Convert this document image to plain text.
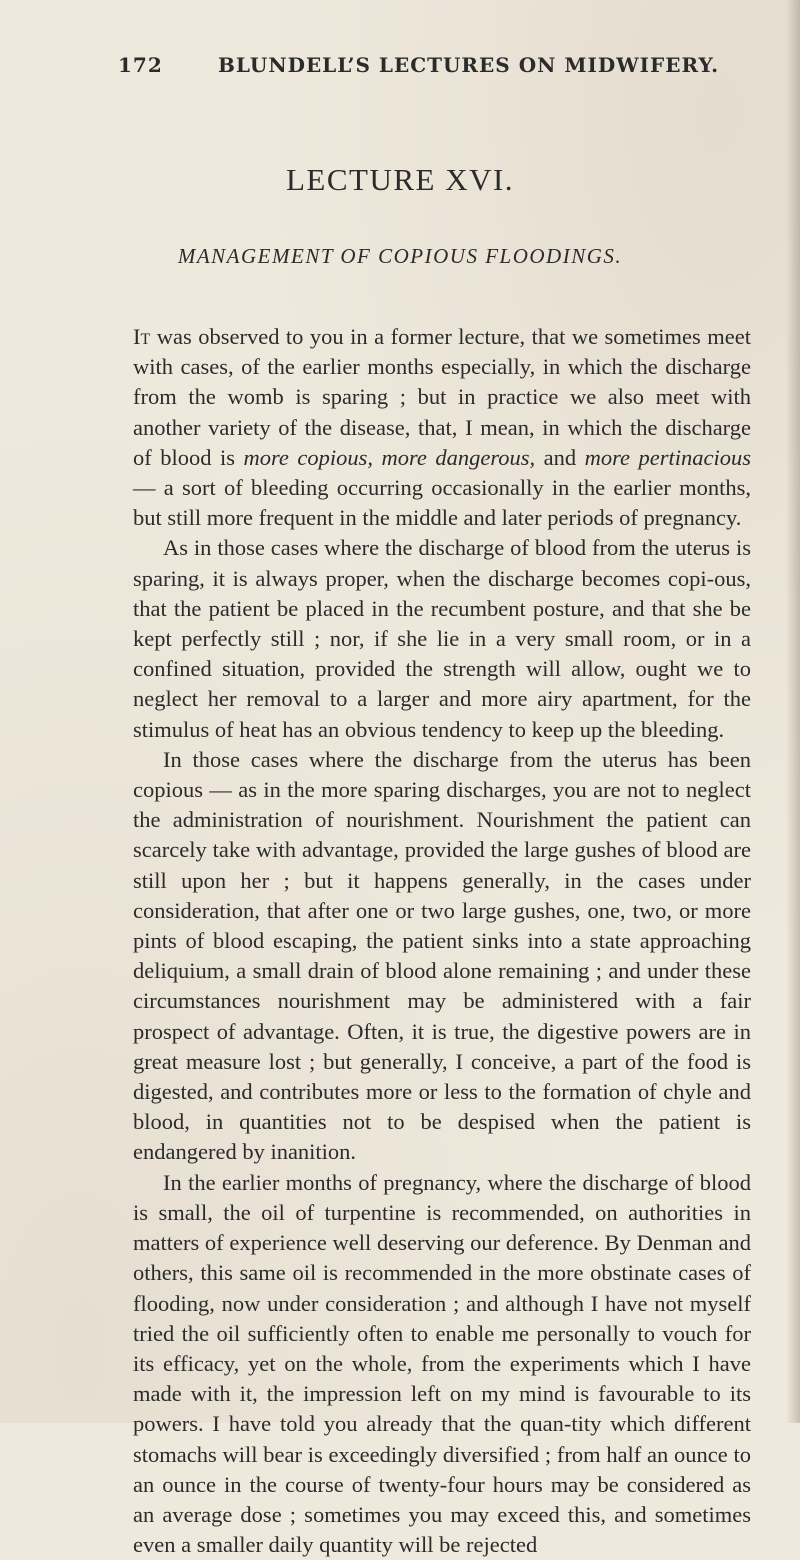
172	BLUNDELL’S LECTURES ON MIDWIFERY.
LECTURE XVI.
MANAGEMENT OF COPIOUS FLOODINGS.

It was observed to you in a former lecture, that we sometimes meet with cases, of the earlier months especially, in which the discharge from the womb is sparing ; but in practice we also meet with another variety of the disease, that, I mean, in which the discharge of blood is more copious, more dangerous, and more pertinacious — a sort of bleeding occurring occasionally in the earlier months, but still more frequent in the middle and later periods of pregnancy.

As in those cases where the discharge of blood from the uterus is sparing, it is always proper, when the discharge becomes copi-ous, that the patient be placed in the recumbent posture, and that she be kept perfectly still ; nor, if she lie in a very small room, or in a confined situation, provided the strength will allow, ought we to neglect her removal to a larger and more airy apartment, for the stimulus of heat has an obvious tendency to keep up the bleeding.

In those cases where the discharge from the uterus has been copious — as in the more sparing discharges, you are not to neglect the administration of nourishment. Nourishment the patient can scarcely take with advantage, provided the large gushes of blood are still upon her ; but it happens generally, in the cases under consideration, that after one or two large gushes, one, two, or more pints of blood escaping, the patient sinks into a state approaching deliquium, a small drain of blood alone remaining ; and under these circumstances nourishment may be administered with a fair prospect of advantage. Often, it is true, the digestive powers are in great measure lost ; but generally, I conceive, a part of the food is digested, and contributes more or less to the formation of chyle and blood, in quantities not to be despised when the patient is endangered by inanition.

In the earlier months of pregnancy, where the discharge of blood is small, the oil of turpentine is recommended, on authorities in matters of experience well deserving our deference. By Denman and others, this same oil is recommended in the more obstinate cases of flooding, now under consideration ; and although I have not myself tried the oil sufficiently often to enable me personally to vouch for its efficacy, yet on the whole, from the experiments which I have made with it, the impression left on my mind is favourable to its powers. I have told you already that the quan-tity which different stomachs will bear is exceedingly diversified ; from half an ounce to an ounce in the course of twenty-four hours may be considered as an average dose ; sometimes you may exceed this, and sometimes even a smaller daily quantity will be rejected
